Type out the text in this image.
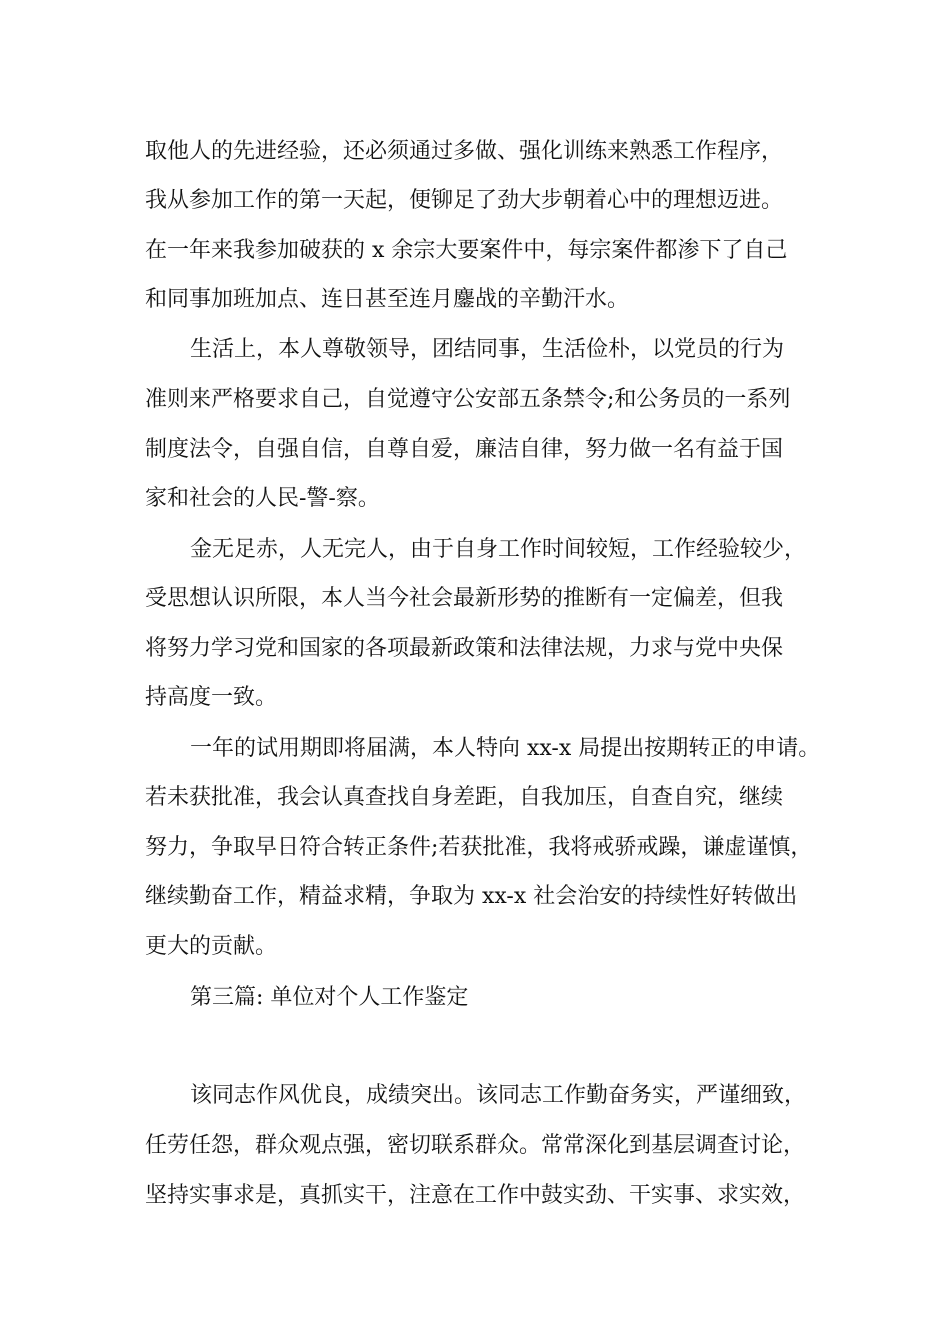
取他人的先进经验，还必须通过多做、强化训练来熟悉工作程序，
我从参加工作的第一天起，便铆足了劲大步朝着心中的理想迈进。
在一年来我参加破获的 x 余宗大要案件中，每宗案件都渗下了自己
和同事加班加点、连日甚至连月鏖战的辛勤汗水。
生活上，本人尊敬领导，团结同事，生活俭朴，以党员的行为
准则来严格要求自己，自觉遵守公安部五条禁令;和公务员的一系列
制度法令，自强自信，自尊自爱，廉洁自律，努力做一名有益于国
家和社会的人民-警-察。
金无足赤，人无完人，由于自身工作时间较短，工作经验较少，
受思想认识所限，本人当今社会最新形势的推断有一定偏差，但我
将努力学习党和国家的各项最新政策和法律法规，力求与党中央保
持高度一致。
一年的试用期即将届满，本人特向 xx-x 局提出按期转正的申请。
若未获批准，我会认真查找自身差距，自我加压，自查自究，继续
努力，争取早日符合转正条件;若获批准，我将戒骄戒躁，谦虚谨慎，
继续勤奋工作，精益求精，争取为 xx-x 社会治安的持续性好转做出
更大的贡献。
第三篇: 单位对个人工作鉴定
该同志作风优良，成绩突出。该同志工作勤奋务实，严谨细致，
任劳任怨，群众观点强，密切联系群众。常常深化到基层调查讨论，
坚持实事求是，真抓实干，注意在工作中鼓实劲、干实事、求实效，
